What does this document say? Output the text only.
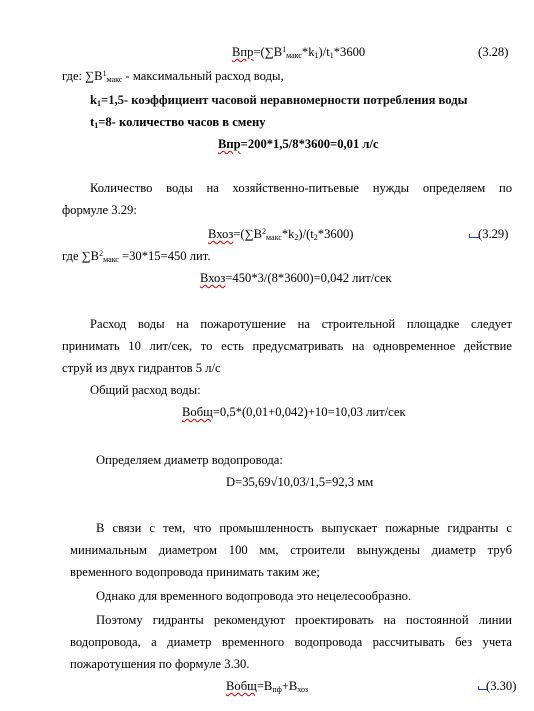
$Впр=(\sum В^1_{макс}*k_1)/t_1*3600$	(3.28)
где: $\sum В^1_{макс}$ - максимальный расход воды,
$k_1=1,5-$ коэффициент часовой неравномерности потребления воды
$t_1=8-$ количество часов в смену
Впр=200*1,5/8*3600=0,01 л/с
Количество воды на хозяйственно-питьевые нужды определяем по
формуле 3.29:
$Вхоз=(\sum В^2_{макс}*k_2)/(t_2*3600)$	(3.29)
где $\sum В^2_{макс} =30*15=450$ лит.
Вхоз=450*3/(8*3600)=0,042 лит/сек
Расход воды на пожаротушение на строительной площадке следует
принимать 10 лит/сек, то есть предусматривать на одновременное действие
струй из двух гидрантов 5 л/с
Общий расход воды:
Вобщ=0,5*(0,01+0,042)+10=10,03 лит/сек
Определяем диаметр водопровода:
D=35,69√10,03/1,5=92,3 мм
В связи с тем, что промышленность выпускает пожарные гидранты с
минимальным диаметром 100 мм, строители вынуждены диаметр труб
временного водопровода принимать таким же;
Однако для временного водопровода это нецелесообразно.
Поэтому гидранты рекомендуют проектировать на постоянной линии
водопровода, а диаметр временного водопровода рассчитывать без учета
пожаротушения по формуле 3.30.
$Вобщ=В_{пф}+В_{хоз}$	(3.30)
